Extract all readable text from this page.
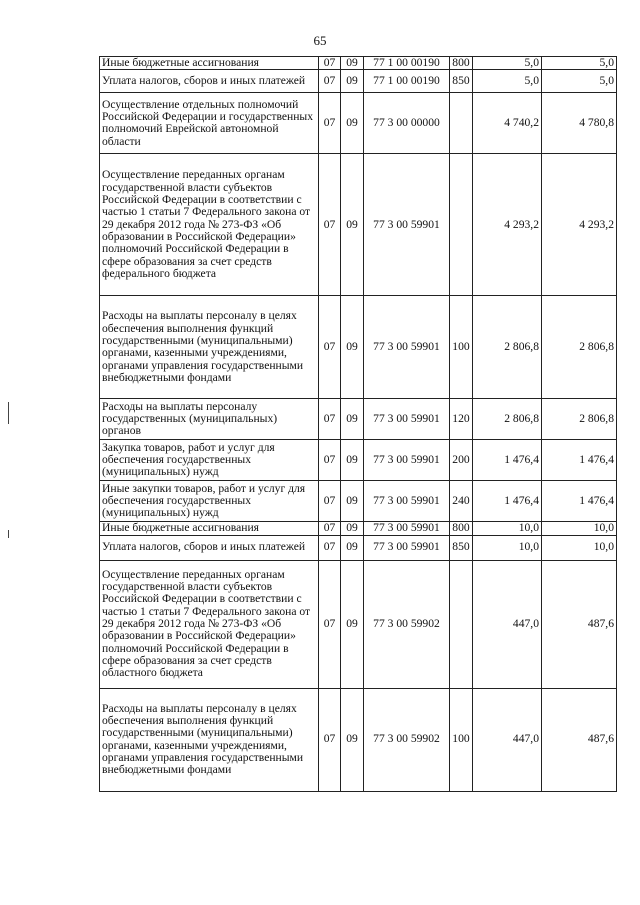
65
Иные бюджетные ассигнования	07	09	77 1 00 00190	800	5,0	5,0
Уплата налогов, сборов и иных платежей	07	09	77 1 00 00190	850	5,0	5,0
Осуществление отдельных полномочий Российской Федерации и государственных полномочий Еврейской автономной области	07	09	77 3 00 00000		4 740,2	4 780,8
Осуществление переданных органам государственной власти субъектов Российской Федерации в соответствии с частью 1 статьи 7 Федерального закона от 29 декабря 2012 года № 273-ФЗ «Об образовании в Российской Федерации» полномочий Российской Федерации в сфере образования за счет средств федерального бюджета	07	09	77 3 00 59901		4 293,2	4 293,2
Расходы на выплаты персоналу в целях обеспечения выполнения функций государственными (муниципальными) органами, казенными учреждениями, органами управления государственными внебюджетными фондами	07	09	77 3 00 59901	100	2 806,8	2 806,8
Расходы на выплаты персоналу государственных (муниципальных) органов	07	09	77 3 00 59901	120	2 806,8	2 806,8
Закупка товаров, работ и услуг для обеспечения государственных (муниципальных) нужд	07	09	77 3 00 59901	200	1 476,4	1 476,4
Иные закупки товаров, работ и услуг для обеспечения государственных (муниципальных) нужд	07	09	77 3 00 59901	240	1 476,4	1 476,4
Иные бюджетные ассигнования	07	09	77 3 00 59901	800	10,0	10,0
Уплата налогов, сборов и иных платежей	07	09	77 3 00 59901	850	10,0	10,0
Осуществление переданных органам государственной власти субъектов Российской Федерации в соответствии с частью 1 статьи 7 Федерального закона от 29 декабря 2012 года № 273-ФЗ «Об образовании в Российской Федерации» полномочий Российской Федерации в сфере образования за счет средств областного бюджета	07	09	77 3 00 59902		447,0	487,6
Расходы на выплаты персоналу в целях обеспечения выполнения функций государственными (муниципальными) органами, казенными учреждениями, органами управления государственными внебюджетными фондами	07	09	77 3 00 59902	100	447,0	487,6
